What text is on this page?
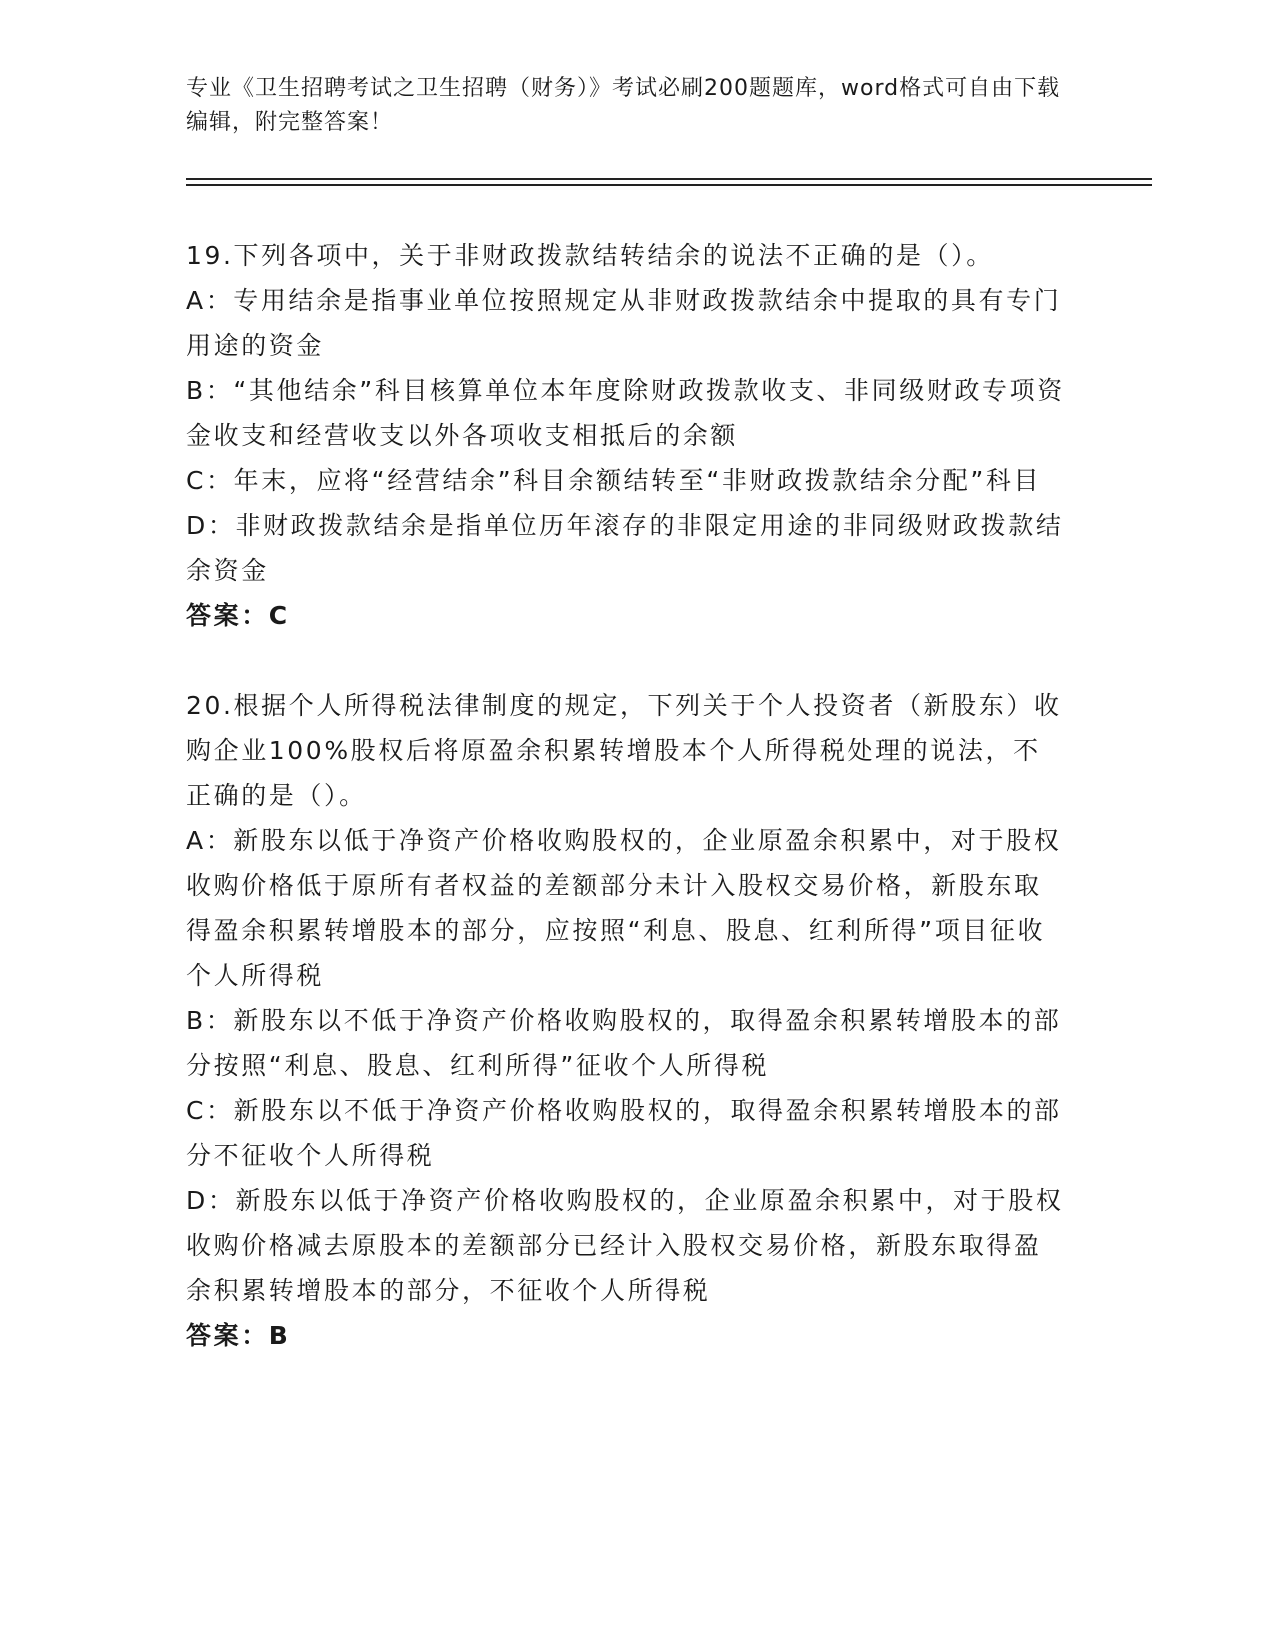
专业《卫生招聘考试之卫生招聘（财务）》考试必刷200题题库，word格式可自由下载编辑，附完整答案！

19.下列各项中，关于非财政拨款结转结余的说法不正确的是（）。

A：专用结余是指事业单位按照规定从非财政拨款结余中提取的具有专门用途的资金

B：“其他结余”科目核算单位本年度除财政拨款收支、非同级财政专项资金收支和经营收支以外各项收支相抵后的余额

C：年末，应将“经营结余”科目余额结转至“非财政拨款结余分配”科目

D：非财政拨款结余是指单位历年滚存的非限定用途的非同级财政拨款结余资金

答案：C

20.根据个人所得税法律制度的规定，下列关于个人投资者（新股东）收购企业100%股权后将原盈余积累转增股本个人所得税处理的说法，不正确的是（）。

A：新股东以低于净资产价格收购股权的，企业原盈余积累中，对于股权收购价格低于原所有者权益的差额部分未计入股权交易价格，新股东取得盈余积累转增股本的部分，应按照“利息、股息、红利所得”项目征收个人所得税

B：新股东以不低于净资产价格收购股权的，取得盈余积累转增股本的部分按照“利息、股息、红利所得”征收个人所得税

C：新股东以不低于净资产价格收购股权的，取得盈余积累转增股本的部分不征收个人所得税

D：新股东以低于净资产价格收购股权的，企业原盈余积累中，对于股权收购价格减去原股本的差额部分已经计入股权交易价格，新股东取得盈余积累转增股本的部分，不征收个人所得税

答案：B
